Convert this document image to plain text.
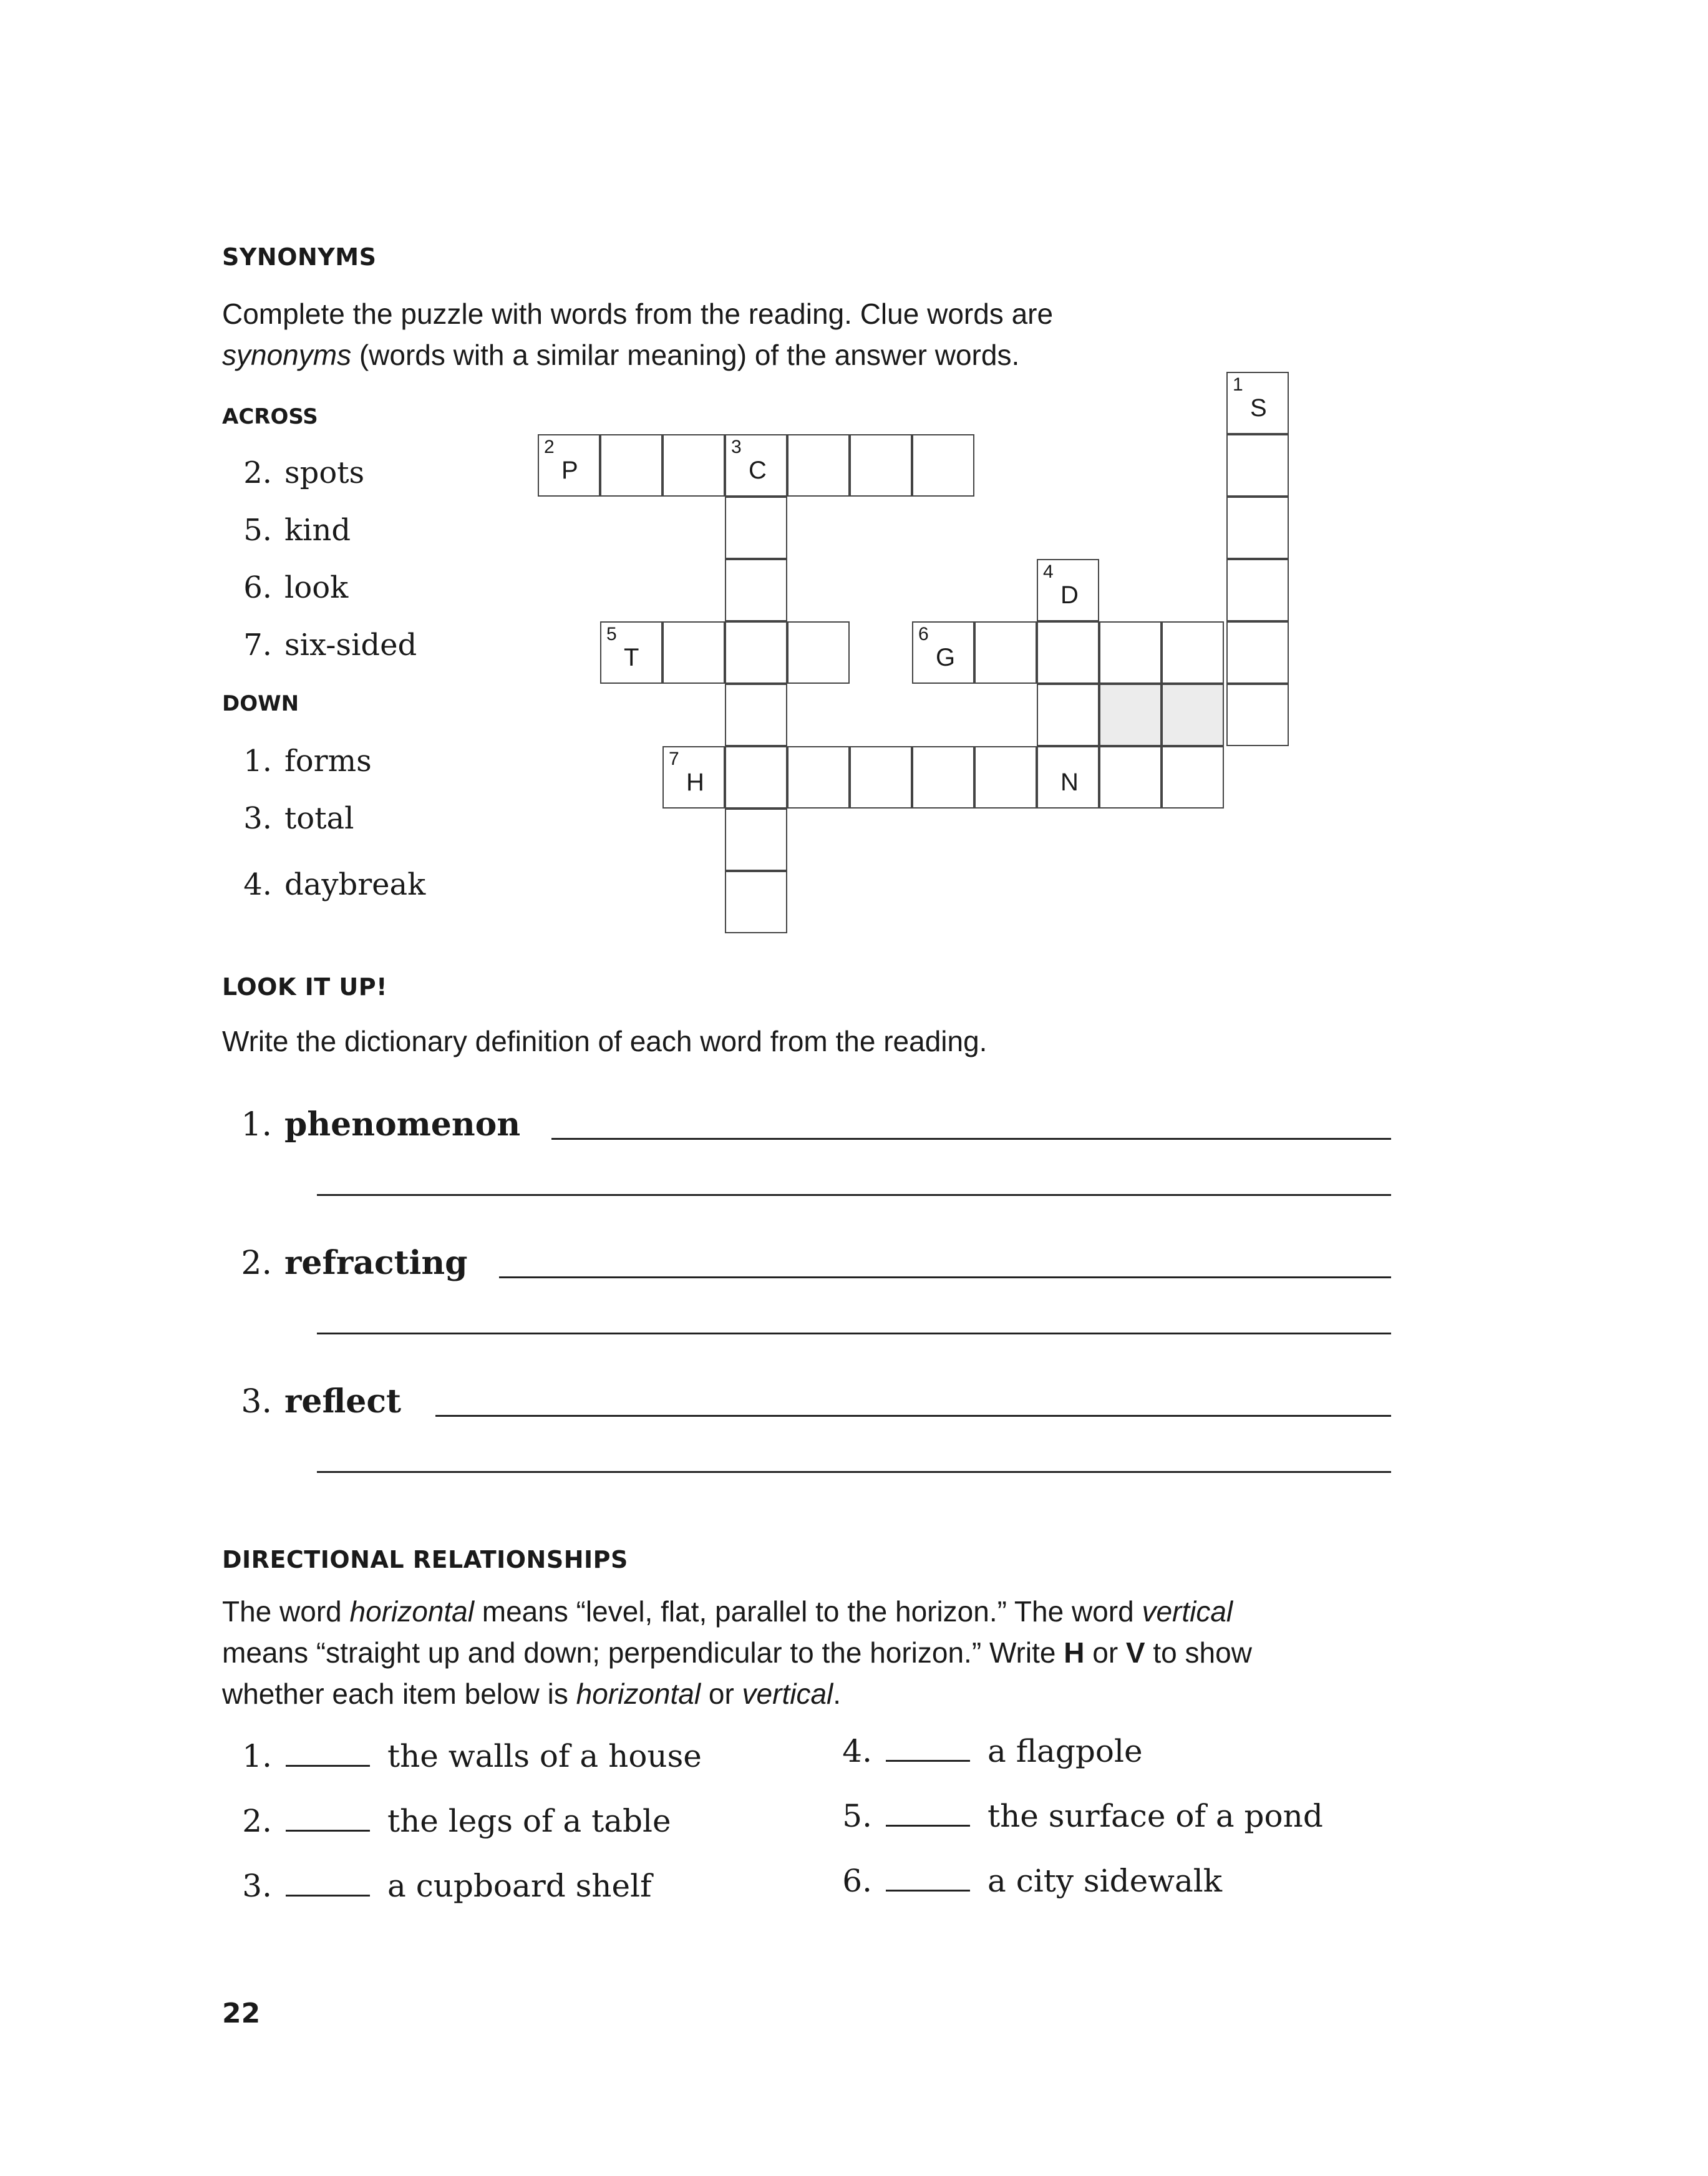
SYNONYMS
Complete the puzzle with words from the reading. Clue words are
synonyms (words with a similar meaning) of the answer words.
ACROSS
2. spots
5. kind
6. look
7. six-sided
DOWN
1. forms
3. total
4. daybreak
1
S
2
P
3
C
4
D
5
T
6
G
7
H	N
LOOK IT UP!
Write the dictionary definition of each word from the reading.
1. phenomenon
2. refracting
3. reflect
DIRECTIONAL RELATIONSHIPS
The word horizontal means “level, flat, parallel to the horizon.” The word vertical
means “straight up and down; perpendicular to the horizon.” Write H or V to show
whether each item below is horizontal or vertical.
1.	the walls of a house
2.	the legs of a table
3.	a cupboard shelf
4.	a flagpole
5.	the surface of a pond
6.	a city sidewalk
22
